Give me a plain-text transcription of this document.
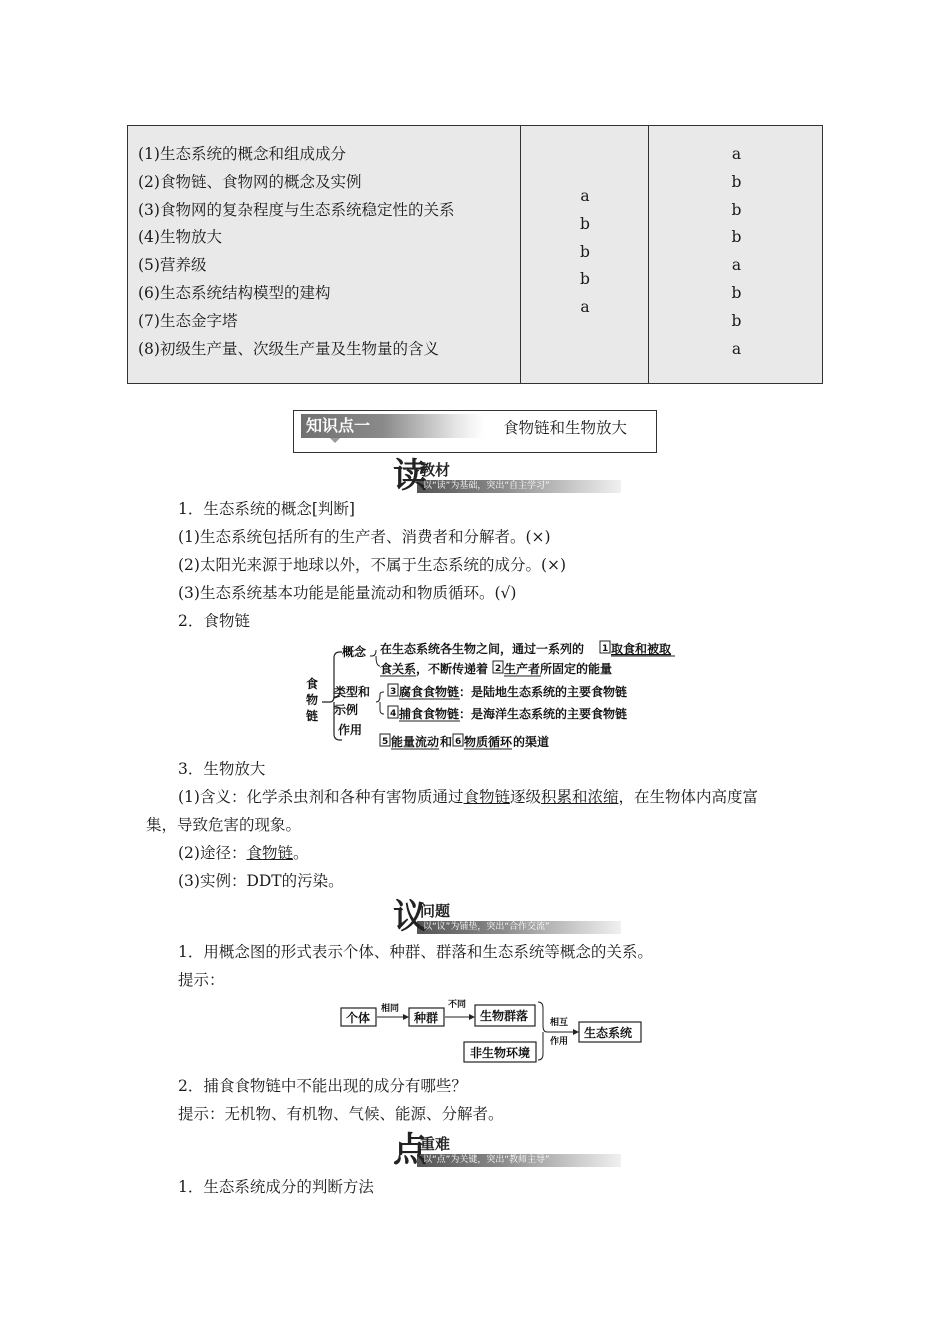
(1)生态系统的概念和组成成分
(2)食物链、食物网的概念及实例
(3)食物网的复杂程度与生态系统稳定性的关系
(4)生物放大
(5)营养级
(6)生态系统结构模型的建构
(7)生态金字塔
(8)初级生产量、次级生产量及生物量的含义
a
b
b
b
a
a
b
b
b
a
b
b
a
知识点一	食物链和生物放大
读
教材
以“读”为基础，突出“自主学习”
1．生态系统的概念[判断]
(1)生态系统包括所有的生产者、消费者和分解者。(×)
(2)太阳光来源于地球以外，不属于生态系统的成分。(×)
(3)生态系统基本功能是能量流动和物质循环。(√)
2．食物链
食
物
链
概念 在生态系统各生物之间，通过一系列的 1 取食和被取
食关系，不断传递着 2 生产者所固定的能量
类型和
示例
3 腐食食物链：是陆地生态系统的主要食物链
4 捕食食物链：是海洋生态系统的主要食物链
作用
5 能量流动 和 6 物质循环 的渠道
3．生物放大
(1)含义：化学杀虫剂和各种有害物质通过食物链逐级积累和浓缩，在生物体内高度富
集，导致危害的现象。
(2)途径：食物链。
(3)实例：DDT的污染。
议
问题
以“议”为铺垫，突出“合作交流”
1．用概念图的形式表示个体、种群、群落和生态系统等概念的关系。
提示：
个体
相同
种群
不同
生物群落
非生物环境
相互
作用
生态系统
2．捕食食物链中不能出现的成分有哪些？
提示：无机物、有机物、气候、能源、分解者。
点
重难
以“点”为关键，突出“教师主导”
1．生态系统成分的判断方法
